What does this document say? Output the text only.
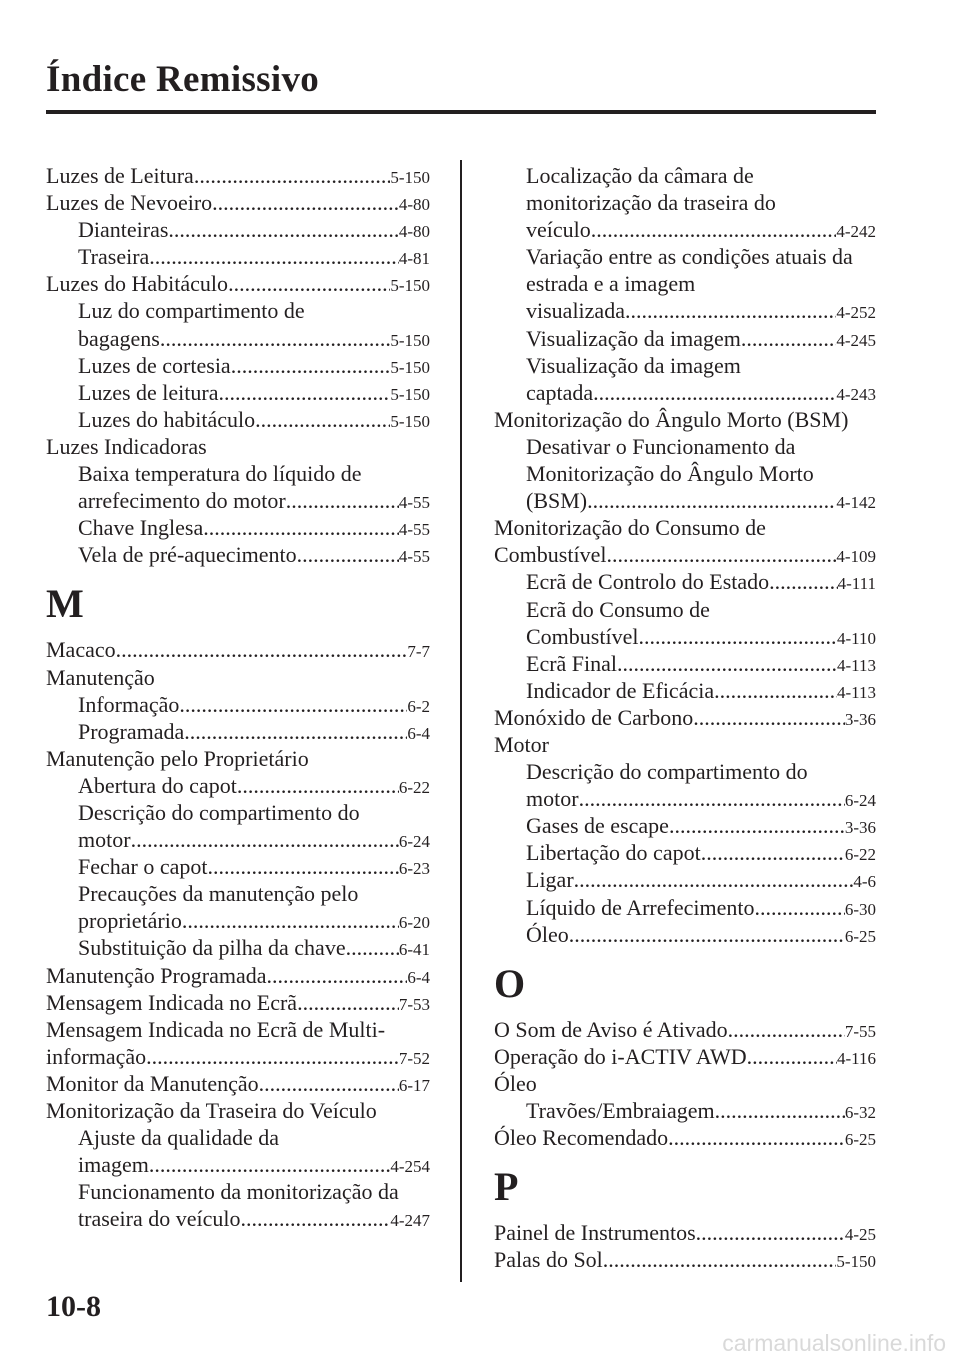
Índice Remissivo
Luzes de Leitura .....	5-150
Luzes de Nevoeiro .....	4-80
Dianteiras .....	4-80
Traseira .....	4-81
Luzes do Habitáculo .....	5-150
Luz do compartimento de
bagagens .....	5-150
Luzes de cortesia .....	5-150
Luzes de leitura .....	5-150
Luzes do habitáculo .....	5-150
Luzes Indicadoras
Baixa temperatura do líquido de
arrefecimento do motor .....	4-55
Chave Inglesa .....	4-55
Vela de pré-aquecimento .....	4-55
M
Macaco .....	7-7
Manutenção
Informação .....	6-2
Programada .....	6-4
Manutenção pelo Proprietário
Abertura do capot .....	6-22
Descrição do compartimento do
motor .....	6-24
Fechar o capot .....	6-23
Precauções da manutenção pelo
proprietário .....	6-20
Substituição da pilha da chave .....	6-41
Manutenção Programada .....	6-4
Mensagem Indicada no Ecrã .....	7-53
Mensagem Indicada no Ecrã de Multi-
informação .....	7-52
Monitor da Manutenção .....	6-17
Monitorização da Traseira do Veículo
Ajuste da qualidade da
imagem .....	4-254
Funcionamento da monitorização da
traseira do veículo .....	4-247
Localização da câmara de
monitorização da traseira do
veículo .....	4-242
Variação entre as condições atuais da
estrada e a imagem
visualizada .....	4-252
Visualização da imagem .....	4-245
Visualização da imagem
captada .....	4-243
Monitorização do Ângulo Morto (BSM)
Desativar o Funcionamento da
Monitorização do Ângulo Morto
(BSM) .....	4-142
Monitorização do Consumo de
Combustível .....	4-109
Ecrã de Controlo do Estado .....	4-111
Ecrã do Consumo de
Combustível .....	4-110
Ecrã Final .....	4-113
Indicador de Eficácia .....	4-113
Monóxido de Carbono .....	3-36
Motor
Descrição do compartimento do
motor .....	6-24
Gases de escape .....	3-36
Libertação do capot .....	6-22
Ligar .....	4-6
Líquido de Arrefecimento .....	6-30
Óleo .....	6-25
O
O Som de Aviso é Ativado .....	7-55
Operação do i-ACTIV AWD .....	4-116
Óleo
Travões/Embraiagem .....	6-32
Óleo Recomendado .....	6-25
P
Painel de Instrumentos .....	4-25
Palas do Sol .....	5-150
10-8
carmanualsonline.info
